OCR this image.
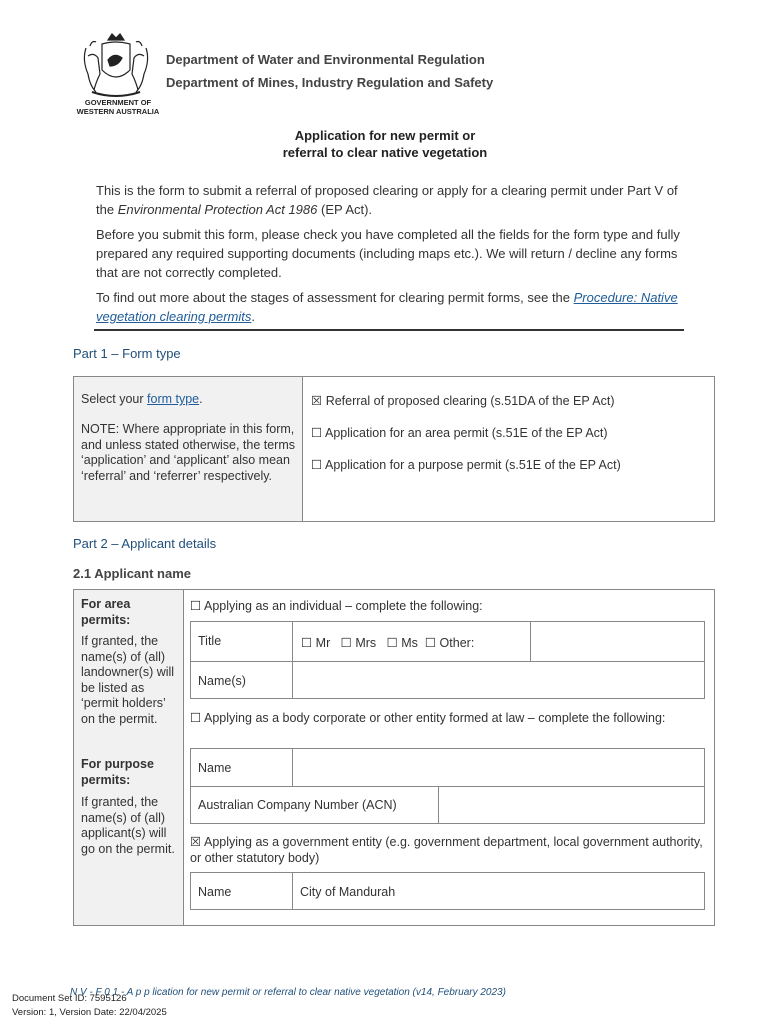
GOVERNMENT OF
WESTERN AUSTRALIA
Department of Water and Environmental Regulation
Department of Mines, Industry Regulation and Safety
Application for new permit or
referral to clear native vegetation

This is the form to submit a referral of proposed clearing or apply for a clearing permit under Part V of the Environmental Protection Act 1986 (EP Act).

Before you submit this form, please check you have completed all the fields for the form type and fully prepared any required supporting documents (including maps etc.). We will return / decline any forms that are not correctly completed.

To find out more about the stages of assessment for clearing permit forms, see the Procedure: Native vegetation clearing permits.

Part 1 – Form type
Select your form type.
NOTE: Where appropriate in this form, and unless stated otherwise, the terms ‘application’ and ‘applicant’ also mean ‘referral’ and ‘referrer’ respectively.
☒ Referral of proposed clearing (s.51DA of the EP Act)
☐ Application for an area permit (s.51E of the EP Act)
☐ Application for a purpose permit (s.51E of the EP Act)
Part 2 – Applicant details
2.1 Applicant name
For area permits:
If granted, the name(s) of (all) landowner(s) will be listed as ‘permit holders’ on the permit.
For purpose permits:
If granted, the name(s) of (all) applicant(s) will go on the permit.
☐ Applying as an individual – complete the following:
Title	☐ Mr   ☐ Mrs   ☐ Ms  ☐ Other:
Name(s)
☐ Applying as a body corporate or other entity formed at law – complete the following:
Name
Australian Company Number (ACN)
☒ Applying as a government entity (e.g. government department, local government authority, or other statutory body)
Name	City of Mandurah
N V - F 0 1 - A p p lication for new permit or referral to clear native vegetation (v14, February 2023)
Document Set ID: 7595126
Version: 1, Version Date: 22/04/2025
